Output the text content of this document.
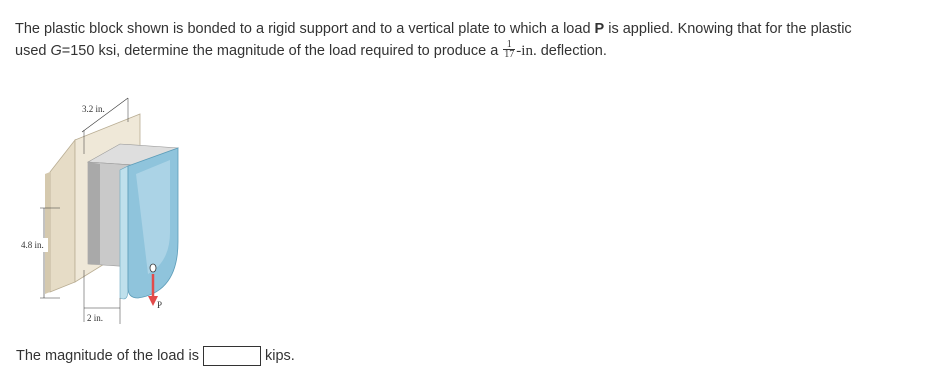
The plastic block shown is bonded to a rigid support and to a vertical plate to which a load P is applied. Knowing that for the plastic
used G=150 ksi, determine the magnitude of the load required to produce a $\frac{1}{17} -in$. deflection.
P
3.2 in.
4.8 in.
2 in.
The magnitude of the load is	kips.
